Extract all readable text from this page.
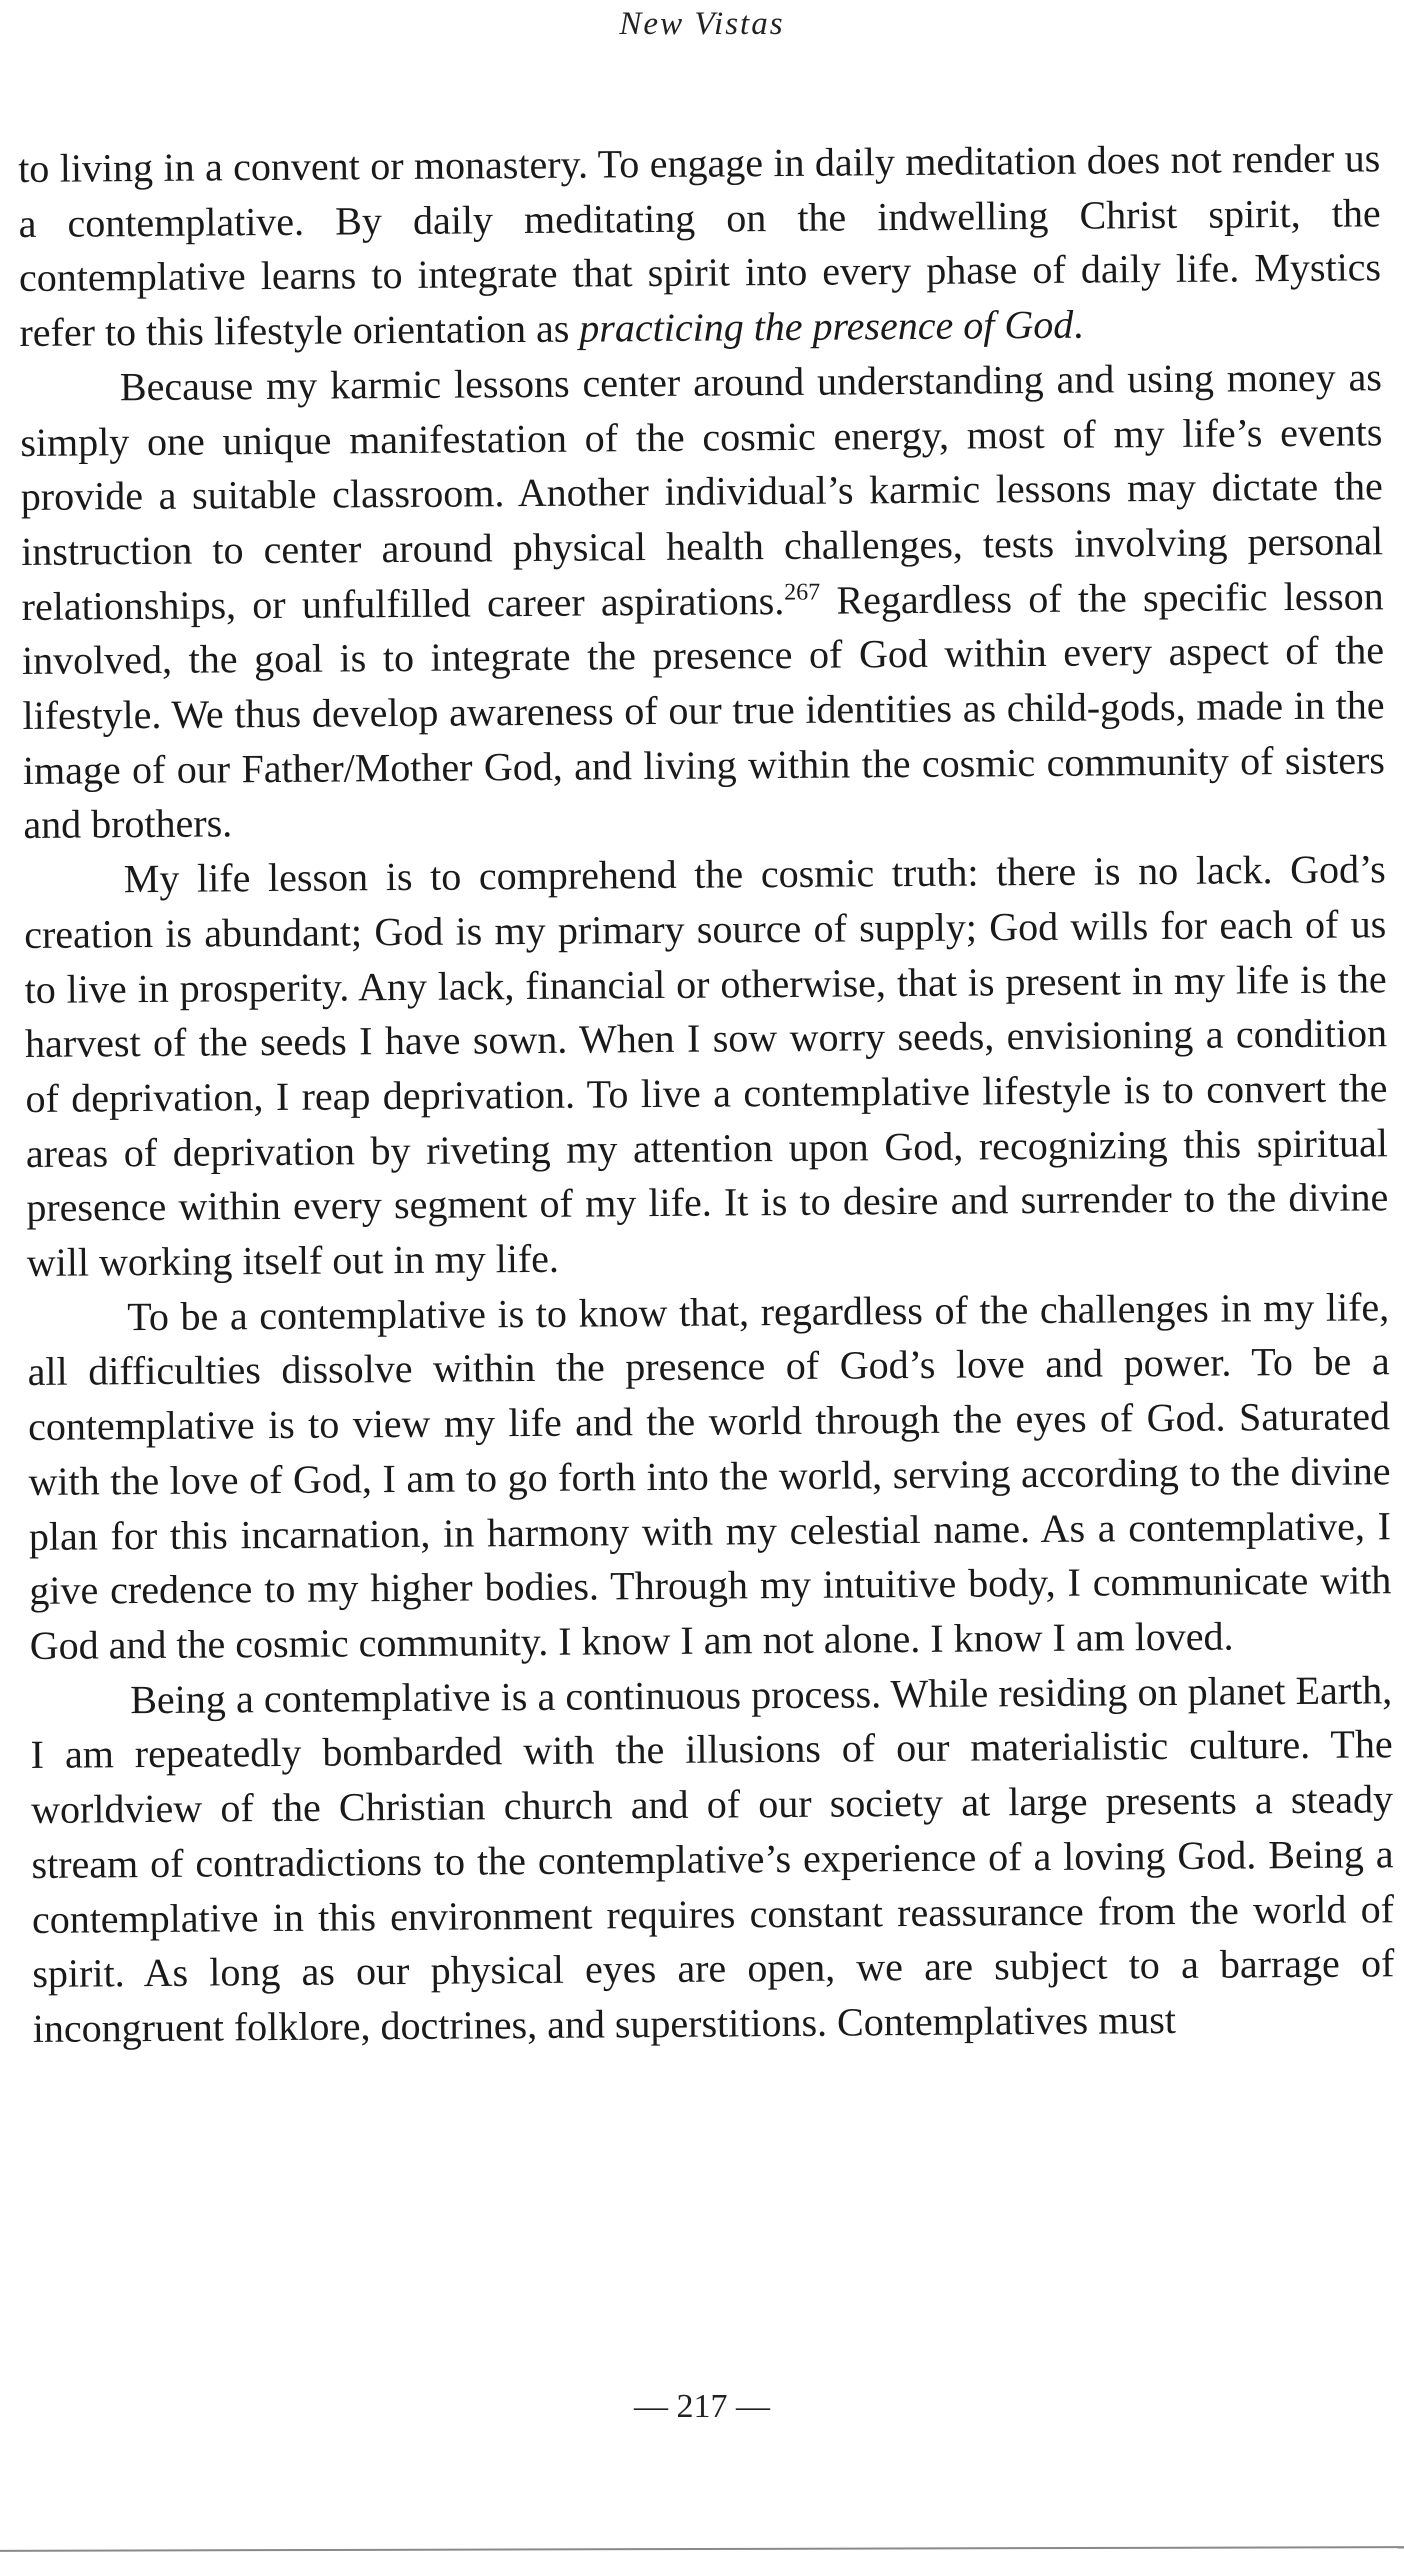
New Vistas

to living in a convent or monastery. To engage in daily meditation does not render us a contemplative. By daily meditating on the indwelling Christ spirit, the contemplative learns to integrate that spirit into every phase of daily life. Mystics refer to this lifestyle orientation as practicing the presence of God.

Because my karmic lessons center around understanding and using money as simply one unique manifestation of the cosmic energy, most of my life’s events provide a suitable classroom. Another individual’s karmic lessons may dictate the instruction to center around physical health challenges, tests involving personal relationships, or unfulfilled career aspirations.$^{267}$ Regardless of the specific lesson involved, the goal is to integrate the presence of God within every aspect of the lifestyle. We thus develop awareness of our true identities as child-gods, made in the image of our Father/Mother God, and living within the cosmic community of sisters and brothers.

My life lesson is to comprehend the cosmic truth: there is no lack. God’s creation is abundant; God is my primary source of supply; God wills for each of us to live in prosperity. Any lack, financial or otherwise, that is present in my life is the harvest of the seeds I have sown. When I sow worry seeds, envisioning a condition of deprivation, I reap deprivation. To live a contemplative lifestyle is to convert the areas of deprivation by riveting my attention upon God, recognizing this spiritual presence within every segment of my life. It is to desire and surrender to the divine will working itself out in my life.

To be a contemplative is to know that, regardless of the challenges in my life, all difficulties dissolve within the presence of God’s love and power. To be a contemplative is to view my life and the world through the eyes of God. Saturated with the love of God, I am to go forth into the world, serving according to the divine plan for this incarnation, in harmony with my celestial name. As a contemplative, I give credence to my higher bodies. Through my intuitive body, I communicate with God and the cosmic community. I know I am not alone. I know I am loved.

Being a contemplative is a continuous process. While residing on planet Earth, I am repeatedly bombarded with the illusions of our materialistic culture. The worldview of the Christian church and of our society at large presents a steady stream of contradictions to the contemplative’s experience of a loving God. Being a contemplative in this environment requires constant reassurance from the world of spirit. As long as our physical eyes are open, we are subject to a barrage of incongruent folklore, doctrines, and superstitions. Contemplatives must

— 217 —
